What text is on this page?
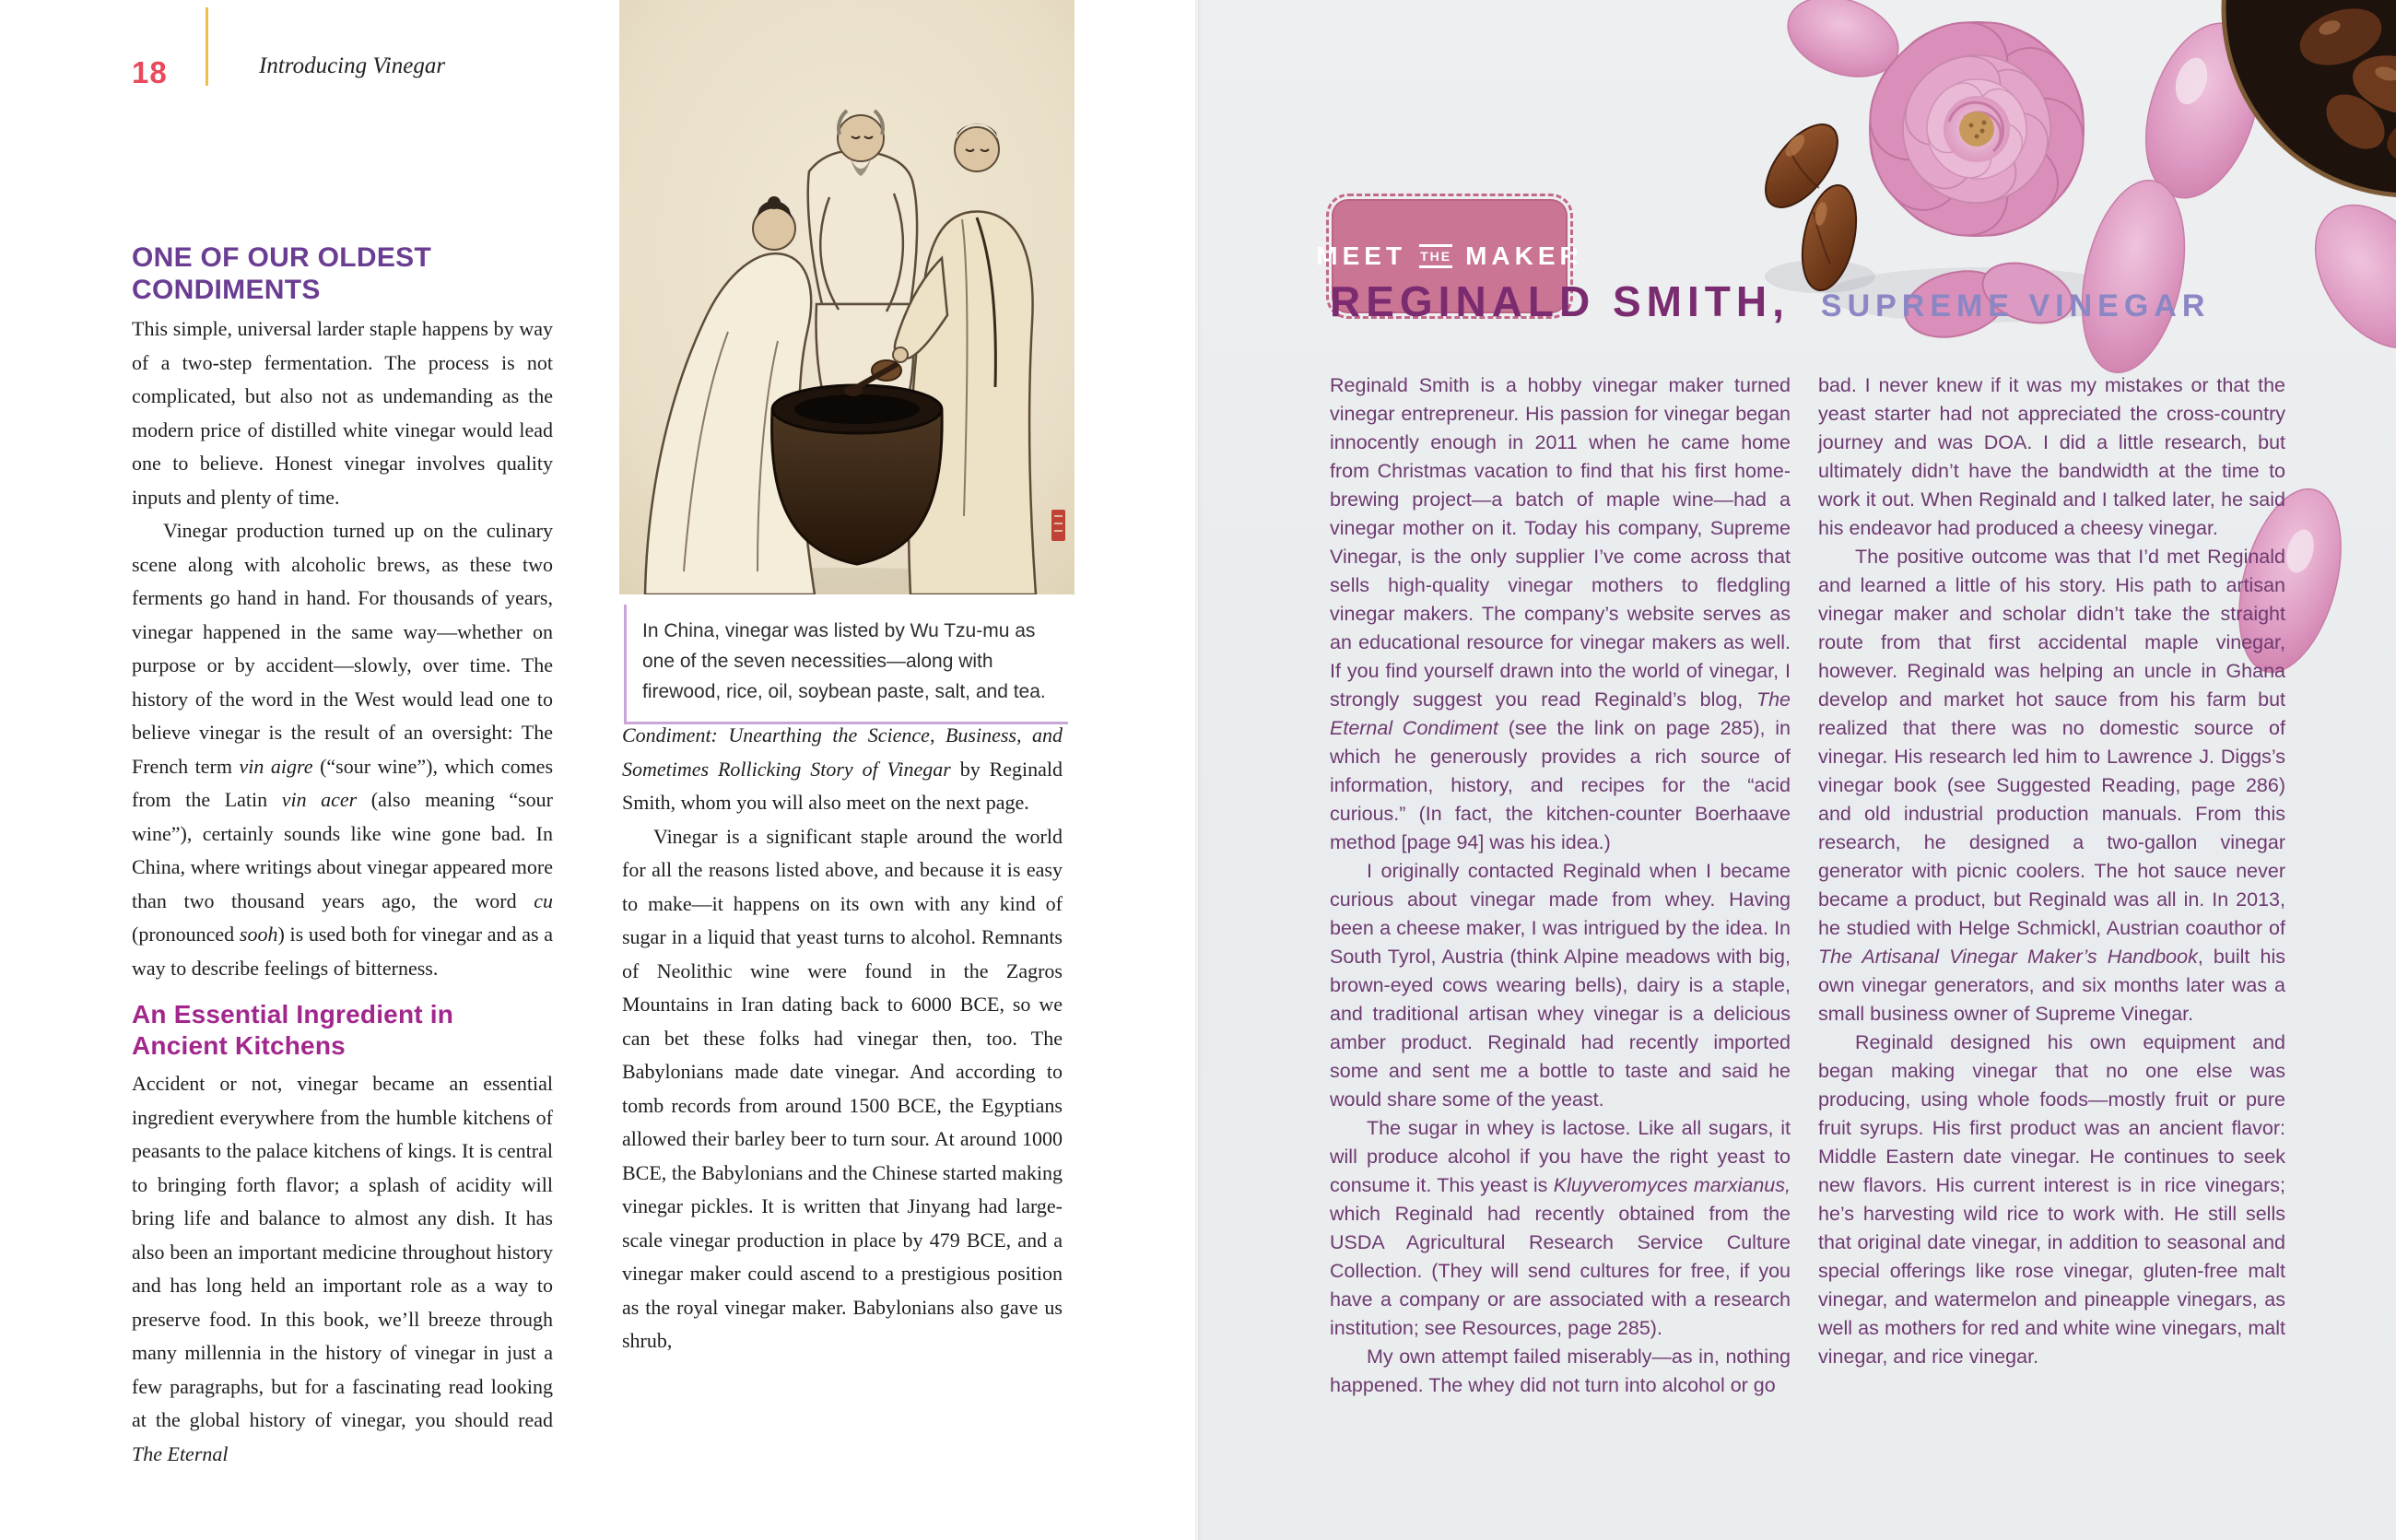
18	Introducing Vinegar
ONE OF OUR OLDEST CONDIMENTS

This simple, universal larder staple happens by way of a two-step fermentation. The process is not complicated, but also not as undemanding as the modern price of distilled white vinegar would lead one to believe. Honest vinegar involves quality inputs and plenty of time.

Vinegar production turned up on the culinary scene along with alcoholic brews, as these two ferments go hand in hand. For thousands of years, vinegar happened in the same way—whether on purpose or by accident—slowly, over time. The history of the word in the West would lead one to believe vinegar is the result of an oversight: The French term vin aigre (“sour wine”), which comes from the Latin vin acer (also meaning “sour wine”), certainly sounds like wine gone bad. In China, where writings about vinegar appeared more than two thousand years ago, the word cu (pronounced sooh) is used both for vinegar and as a way to describe feelings of bitterness.

An Essential Ingredient in Ancient Kitchens

Accident or not, vinegar became an essential ingredient everywhere from the humble kitchens of peasants to the palace kitchens of kings. It is central to bringing forth flavor; a splash of acidity will bring life and balance to almost any dish. It has also been an important medicine throughout history and has long held an important role as a way to preserve food. In this book, we’ll breeze through many millennia in the history of vinegar in just a few paragraphs, but for a fascinating read looking at the global history of vinegar, you should read The Eternal

In China, vinegar was listed by Wu Tzu-mu as one of the seven necessities—along with firewood, rice, oil, soybean paste, salt, and tea.

Condiment: Unearthing the Science, Business, and Sometimes Rollicking Story of Vinegar by Reginald Smith, whom you will also meet on the next page.

Vinegar is a significant staple around the world for all the reasons listed above, and because it is easy to make—it happens on its own with any kind of sugar in a liquid that yeast turns to alcohol. Remnants of Neolithic wine were found in the Zagros Mountains in Iran dating back to 6000 BCE, so we can bet these folks had vinegar then, too. The Babylonians made date vinegar. And according to tomb records from around 1500 BCE, the Egyptians allowed their barley beer to turn sour. At around 1000 BCE, the Babylonians and the Chinese started making vinegar pickles. It is written that Jinyang had large-scale vinegar production in place by 479 BCE, and a vinegar maker could ascend to a prestigious position as the royal vinegar maker. Babylonians also gave us shrub,

MEET THE MAKER
REGINALD SMITH, SUPREME VINEGAR

Reginald Smith is a hobby vinegar maker turned vinegar entrepreneur. His passion for vinegar began innocently enough in 2011 when he came home from Christmas vacation to find that his first home-brewing project—a batch of maple wine—had a vinegar mother on it. Today his company, Supreme Vinegar, is the only supplier I’ve come across that sells high-quality vinegar mothers to fledgling vinegar makers. The company’s website serves as an educational resource for vinegar makers as well. If you find yourself drawn into the world of vinegar, I strongly suggest you read Reginald’s blog, The Eternal Condiment (see the link on page 285), in which he generously provides a rich source of information, history, and recipes for the “acid curious.” (In fact, the kitchen-counter Boerhaave method [page 94] was his idea.)

I originally contacted Reginald when I became curious about vinegar made from whey. Having been a cheese maker, I was intrigued by the idea. In South Tyrol, Austria (think Alpine meadows with big, brown-eyed cows wearing bells), dairy is a staple, and traditional artisan whey vinegar is a delicious amber product. Reginald had recently imported some and sent me a bottle to taste and said he would share some of the yeast.

The sugar in whey is lactose. Like all sugars, it will produce alcohol if you have the right yeast to consume it. This yeast is Kluyveromyces marxianus, which Reginald had recently obtained from the USDA Agricultural Research Service Culture Collection. (They will send cultures for free, if you have a company or are associated with a research institution; see Resources, page 285).

My own attempt failed miserably—as in, nothing happened. The whey did not turn into alcohol or go

bad. I never knew if it was my mistakes or that the yeast starter had not appreciated the cross-country journey and was DOA. I did a little research, but ultimately didn’t have the bandwidth at the time to work it out. When Reginald and I talked later, he said his endeavor had produced a cheesy vinegar.

The positive outcome was that I’d met Reginald and learned a little of his story. His path to artisan vinegar maker and scholar didn’t take the straight route from that first accidental maple vinegar, however. Reginald was helping an uncle in Ghana develop and market hot sauce from his farm but realized that there was no domestic source of vinegar. His research led him to Lawrence J. Diggs’s vinegar book (see Suggested Reading, page 286) and old industrial production manuals. From this research, he designed a two-gallon vinegar generator with picnic coolers. The hot sauce never became a product, but Reginald was all in. In 2013, he studied with Helge Schmickl, Austrian coauthor of The Artisanal Vinegar Maker’s Handbook, built his own vinegar generators, and six months later was a small business owner of Supreme Vinegar.

Reginald designed his own equipment and began making vinegar that no one else was producing, using whole foods—mostly fruit or pure fruit syrups. His first product was an ancient flavor: Middle Eastern date vinegar. He continues to seek new flavors. His current interest is in rice vinegars; he’s harvesting wild rice to work with. He still sells that original date vinegar, in addition to seasonal and special offerings like rose vinegar, gluten-free malt vinegar, and watermelon and pineapple vinegars, as well as mothers for red and white wine vinegars, malt vinegar, and rice vinegar.
